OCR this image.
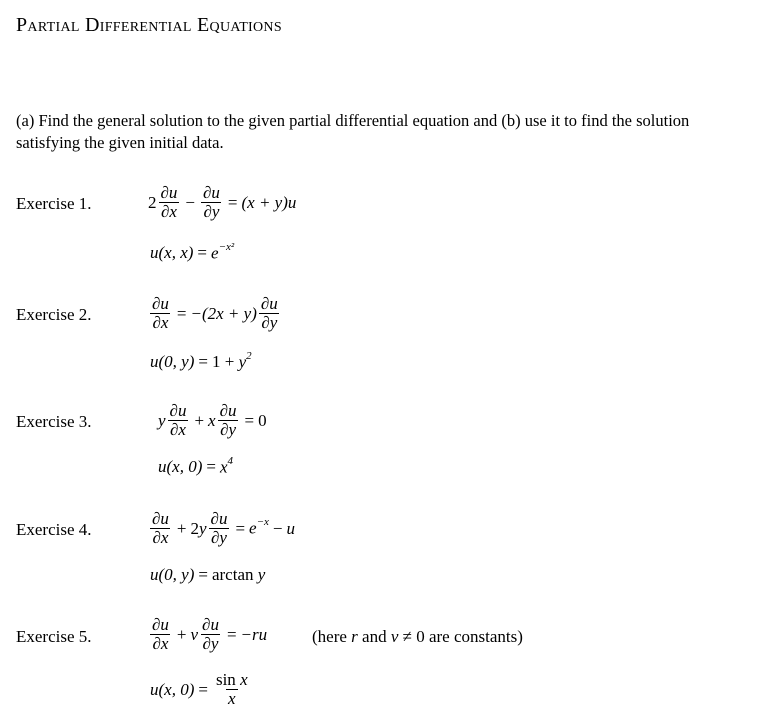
Partial Differential Equations
(a) Find the general solution to the given partial differential equation and (b) use it to find the solution satisfying the given initial data.
Exercise 1.	$2 \frac{\partial u}{\partial x} - \frac{\partial u}{\partial y} = (x + y)u$
u(x, $x) = e^{-x^2}$
Exercise 2.	$\frac{\partial u}{\partial x} = -(2x + y) \frac{\partial u}{\partial y}$
u(0, y) = 1 +
$y^2$
Exercise 3.	y $\frac{\partial u}{\partial x} + x \frac{\partial u}{\partial y} = 0$
u(x, $0) = x^4$
Exercise 4.	$\frac{\partial u}{\partial x} + 2$ y $\frac{\partial u}{\partial y} = e^{-x} - u$
u(0, y) = arctan
y
Exercise 5.	$\frac{\partial u}{\partial x} + v \frac{\partial u}{\partial y} = -ru$	(here r and v ≠ 0 are constants)
u(x, $0) = \frac{\text{sin x}}{x}$
